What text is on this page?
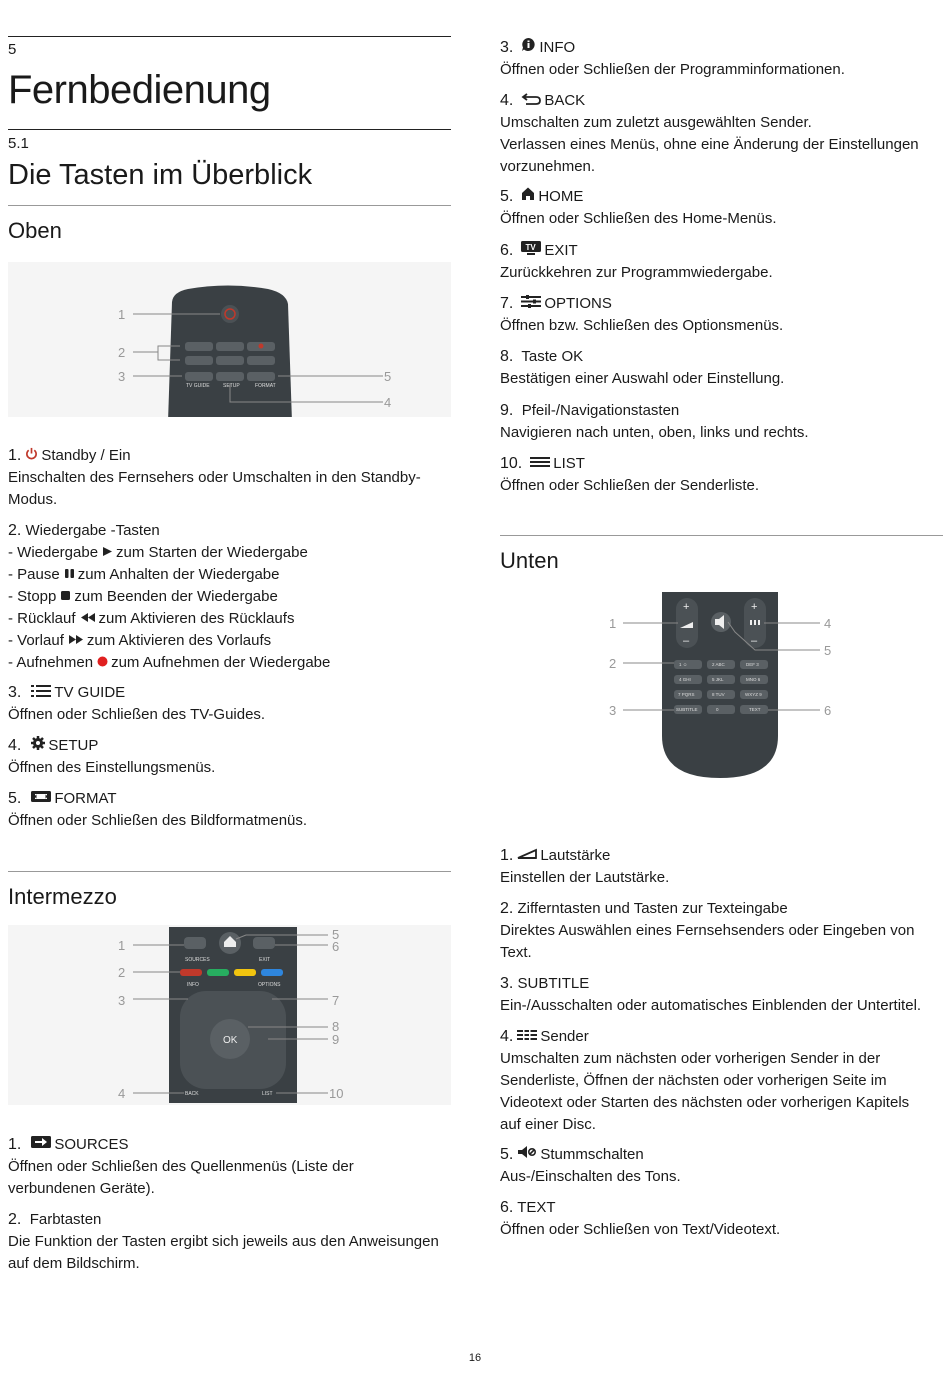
5
Fernbedienung
5.1
Die Tasten im Überblick
Oben
TV GUIDE	SETUP	FORMAT
1
2
3
4
5
1. Standby / Ein
Einschalten des Fernsehers oder Umschalten in den Standby-
Modus.
2. Wiedergabe -Tasten
- Wiedergabe zum Starten der Wiedergabe
- Pause zum Anhalten der Wiedergabe
- Stopp zum Beenden der Wiedergabe
- Rücklauf zum Aktivieren des Rücklaufs
- Vorlauf zum Aktivieren des Vorlaufs
- Aufnehmen zum Aufnehmen der Wiedergabe
3. TV GUIDE
Öffnen oder Schließen des TV-Guides.
4. SETUP
Öffnen des Einstellungsmenüs.
5. FORMAT
Öffnen oder Schließen des Bildformatmenüs.
Intermezzo
SOURCES	EXIT
INFO	OPTIONS
BACK	LIST
OK
1
2
3
4
5
6
7
8
9
10
1. SOURCES
Öffnen oder Schließen des Quellenmenüs (Liste der
verbundenen Geräte).
2. Farbtasten
Die Funktion der Tasten ergibt sich jeweils aus den Anweisungen
auf dem Bildschirm.
3. INFO
Öffnen oder Schließen der Programminformationen.
4. BACK
Umschalten zum zuletzt ausgewählten Sender.
Verlassen eines Menüs, ohne eine Änderung der Einstellungen
vorzunehmen.
5. HOME
Öffnen oder Schließen des Home-Menüs.
6. TV EXIT
Zurückkehren zur Programmwiedergabe.
7. OPTIONS
Öffnen bzw. Schließen des Optionsmenüs.
8. Taste OK
Bestätigen einer Auswahl oder Einstellung.
9. Pfeil-/Navigationstasten
Navigieren nach unten, oben, links und rechts.
10. LIST
Öffnen oder Schließen der Senderliste.
Unten
+
–
+
–
1 ☺	2 ABC	DEF 3
4 GHI	5 JKL	MNO 6
7 PQRS	8 TUV	WXYZ 9
SUBTITLE	0	TEXT
1
2
3
4
5
6
1. Lautstärke
Einstellen der Lautstärke.
2. Zifferntasten und Tasten zur Texteingabe
Direktes Auswählen eines Fernsehsenders oder Eingeben von
Text.
3. SUBTITLE
Ein-/Ausschalten oder automatisches Einblenden der Untertitel.
4. Sender
Umschalten zum nächsten oder vorherigen Sender in der
Senderliste, Öffnen der nächsten oder vorherigen Seite im
Videotext oder Starten des nächsten oder vorherigen Kapitels
auf einer Disc.
5. Stummschalten
Aus-/Einschalten des Tons.
6. TEXT
Öffnen oder Schließen von Text/Videotext.
16
